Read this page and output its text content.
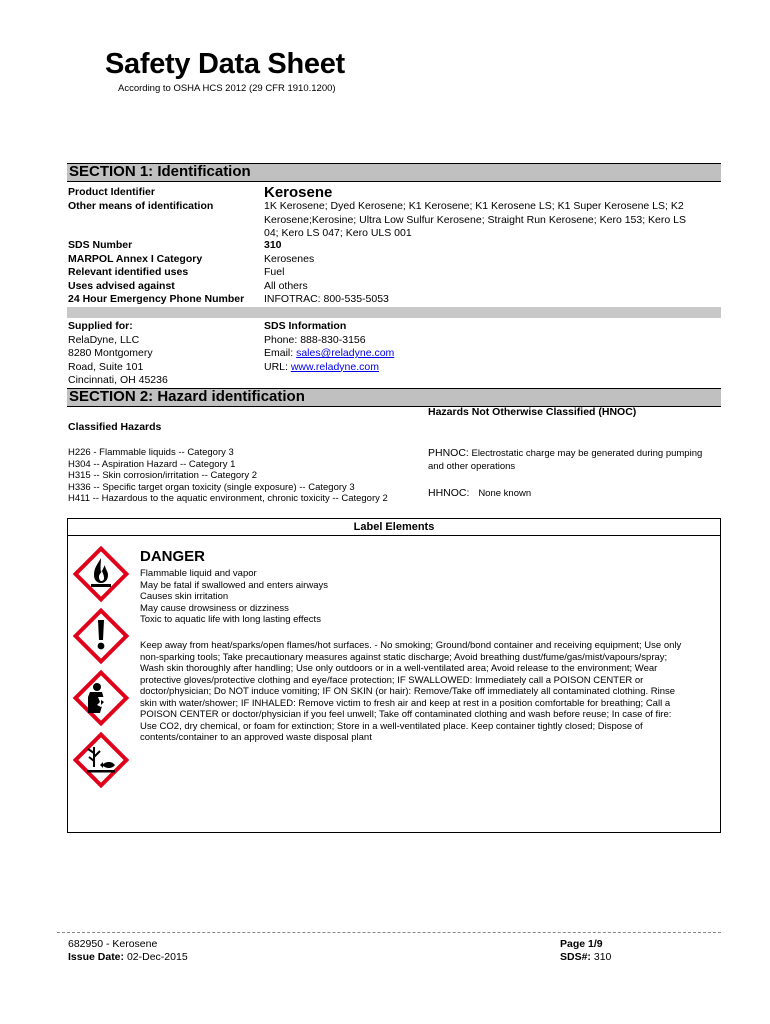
Safety Data Sheet
According to OSHA HCS 2012 (29 CFR 1910.1200)
SECTION 1: Identification
Product Identifier	Kerosene
Other means of identification	1K Kerosene; Dyed Kerosene; K1 Kerosene; K1 Kerosene LS; K1 Super Kerosene LS; K2
Kerosene;Kerosine; Ultra Low Sulfur Kerosene; Straight Run Kerosene; Kero 153; Kero LS
04; Kero LS 047; Kero ULS 001
SDS Number
MARPOL Annex I Category
Relevant identified uses
Uses advised against
24 Hour Emergency Phone Number
310
Kerosenes
Fuel
All others
INFOTRAC: 800-535-5053
Supplied for:
RelaDyne, LLC
8280 Montgomery
Road, Suite 101
Cincinnati, OH 45236
SDS Information
Phone: 888-830-3156
Email: sales@reladyne.com
URL: www.reladyne.com
SECTION 2: Hazard identification
Hazards Not Otherwise Classified (HNOC)
Classified Hazards
H226 - Flammable liquids -- Category 3
H304 -- Aspiration Hazard -- Category 1
H315 -- Skin corrosion/irritation -- Category 2
H336 -- Specific target organ toxicity (single exposure) -- Category 3
H411 -- Hazardous to the aquatic environment, chronic toxicity -- Category 2
PHNOC: Electrostatic charge may be generated during pumping
and other operations
HHNOC: None known
Label Elements
DANGER
Flammable liquid and vapor
May be fatal if swallowed and enters airways
Causes skin irritation
May cause drowsiness or dizziness
Toxic to aquatic life with long lasting effects
Keep away from heat/sparks/open flames/hot surfaces. - No smoking; Ground/bond container and receiving equipment; Use only
non-sparking tools; Take precautionary measures against static discharge; Avoid breathing dust/fume/gas/mist/vapours/spray;
Wash skin thoroughly after handling; Use only outdoors or in a well-ventilated area; Avoid release to the environment; Wear
protective gloves/protective clothing and eye/face protection; IF SWALLOWED: Immediately call a POISON CENTER or
doctor/physician; Do NOT induce vomiting; IF ON SKIN (or hair): Remove/Take off immediately all contaminated clothing. Rinse
skin with water/shower; IF INHALED: Remove victim to fresh air and keep at rest in a position comfortable for breathing; Call a
POISON CENTER or doctor/physician if you feel unwell; Take off contaminated clothing and wash before reuse; In case of fire:
Use CO2, dry chemical, or foam for extinction; Store in a well-ventilated place. Keep container tightly closed; Dispose of
contents/container to an approved waste disposal plant
682950 - Kerosene
Issue Date: 02-Dec-2015
Page 1/9
SDS#: 310
